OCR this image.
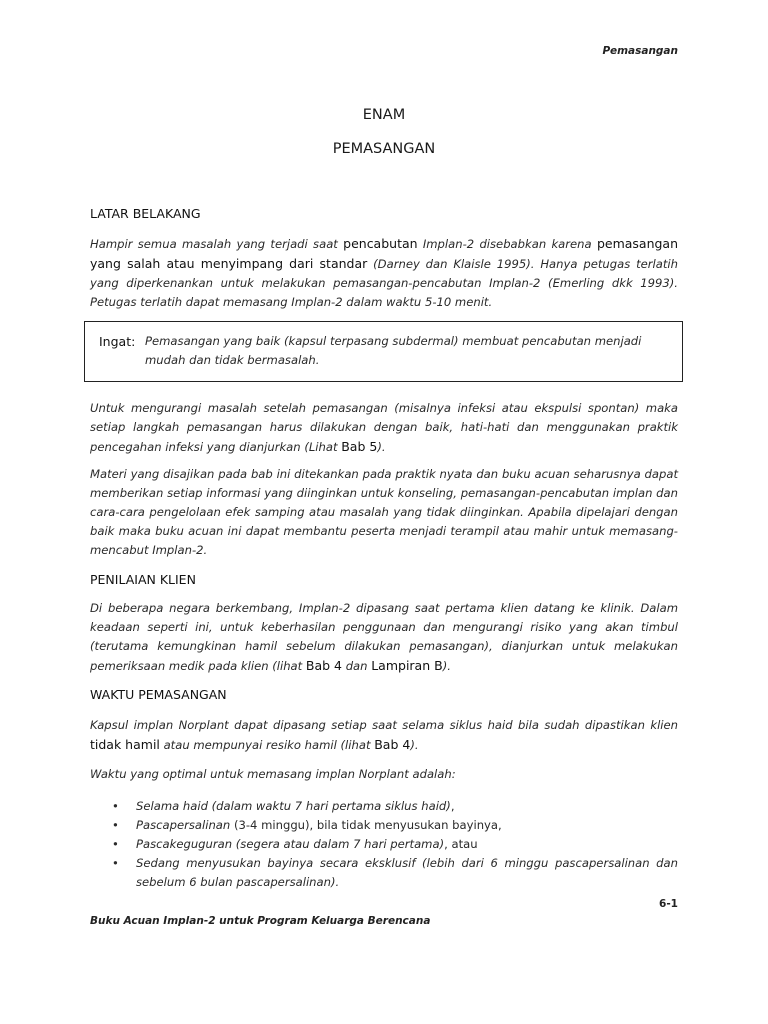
Pemasangan
ENAM
PEMASANGAN
LATAR BELAKANG
Hampir semua masalah yang terjadi saat pencabutan Implan-2 disebabkan karena pemasangan yang salah atau menyimpang dari standar (Darney dan Klaisle 1995). Hanya petugas terlatih yang diperkenankan untuk melakukan pemasangan-pencabutan Implan-2 (Emerling dkk 1993). Petugas terlatih dapat memasang Implan-2 dalam waktu 5-10 menit.
Ingat: Pemasangan yang baik (kapsul terpasang subdermal) membuat pencabutan menjadi mudah dan tidak bermasalah.
Untuk mengurangi masalah setelah pemasangan (misalnya infeksi atau ekspulsi spontan) maka setiap langkah pemasangan harus dilakukan dengan baik, hati-hati dan menggunakan praktik pencegahan infeksi yang dianjurkan (Lihat Bab 5).
Materi yang disajikan pada bab ini ditekankan pada praktik nyata dan buku acuan seharusnya dapat memberikan setiap informasi yang diinginkan untuk konseling, pemasangan-pencabutan implan dan cara-cara pengelolaan efek samping atau masalah yang tidak diinginkan. Apabila dipelajari dengan baik maka buku acuan ini dapat membantu peserta menjadi terampil atau mahir untuk memasang-mencabut Implan-2.
PENILAIAN KLIEN
Di beberapa negara berkembang, Implan-2 dipasang saat pertama klien datang ke klinik. Dalam keadaan seperti ini, untuk keberhasilan penggunaan dan mengurangi risiko yang akan timbul (terutama kemungkinan hamil sebelum dilakukan pemasangan), dianjurkan untuk melakukan pemeriksaan medik pada klien (lihat Bab 4 dan Lampiran B).
WAKTU PEMASANGAN
Kapsul implan Norplant dapat dipasang setiap saat selama siklus haid bila sudah dipastikan klien tidak hamil atau mempunyai resiko hamil (lihat Bab 4).
Waktu yang optimal untuk memasang implan Norplant adalah:
• Selama haid (dalam waktu 7 hari pertama siklus haid),
• Pascapersalinan (3-4 minggu), bila tidak menyusukan bayinya,
• Pascakeguguran (segera atau dalam 7 hari pertama), atau
• Sedang menyusukan bayinya secara eksklusif (lebih dari 6 minggu pascapersalinan dan sebelum 6 bulan pascapersalinan).
6-1
Buku Acuan Implan-2 untuk Program Keluarga Berencana
